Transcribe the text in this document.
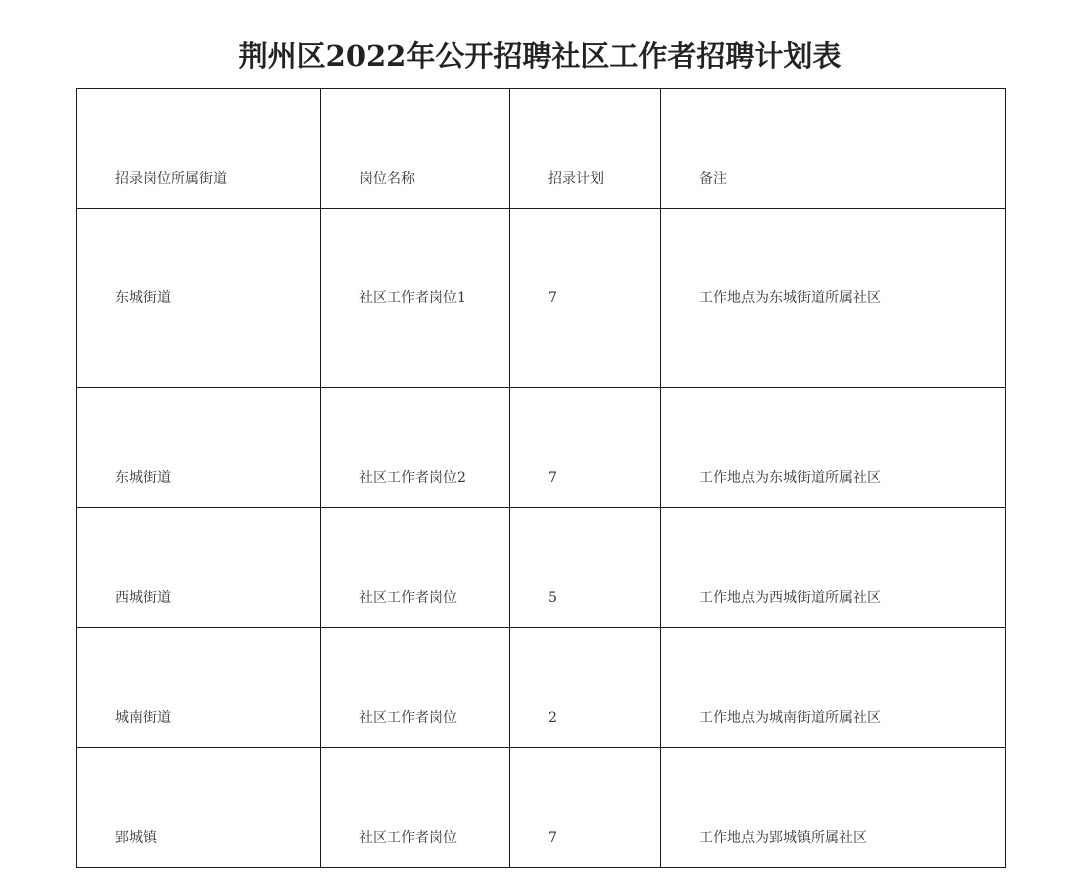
荆州区2022年公开招聘社区工作者招聘计划表
招录岗位所属街道	岗位名称	招录计划	备注
东城街道	社区工作者岗位1	7	工作地点为东城街道所属社区
东城街道	社区工作者岗位2	7	工作地点为东城街道所属社区
西城街道	社区工作者岗位	5	工作地点为西城街道所属社区
城南街道	社区工作者岗位	2	工作地点为城南街道所属社区
郢城镇	社区工作者岗位	7	工作地点为郢城镇所属社区
